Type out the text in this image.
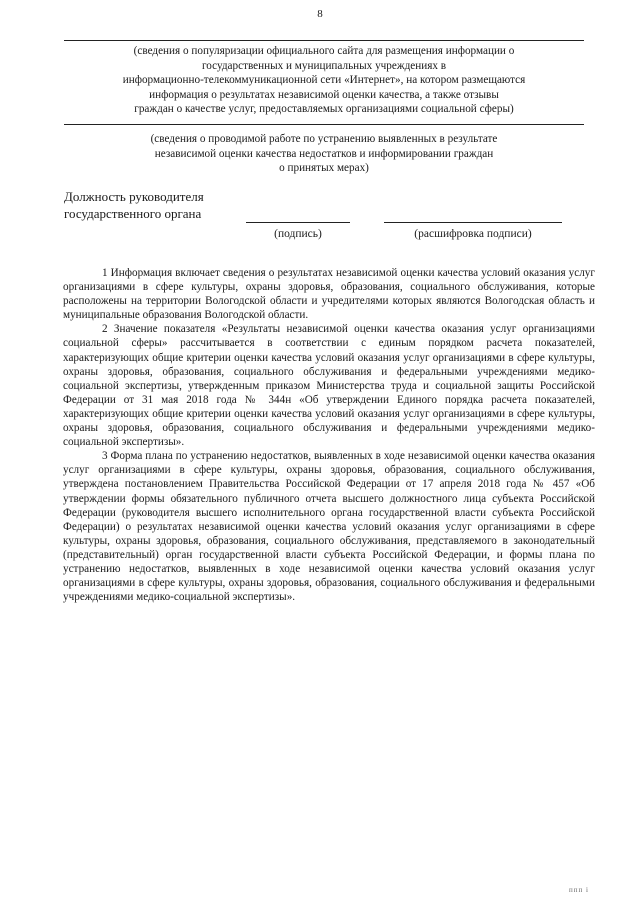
8
(сведения о популяризации официального сайта для размещения информации о
государственных и муниципальных учреждениях в
информационно-телекоммуникационной сети «Интернет», на котором размещаются
информация о результатах независимой оценки качества, а также отзывы
граждан о качестве услуг, предоставляемых организациями социальной сферы)
(сведения о проводимой работе по устранению выявленных в результате
независимой оценки качества недостатков и информировании граждан
о принятых мерах)
Должность руководителя
государственного органа
(подпись)	(расшифровка подписи)

1 Информация включает сведения о результатах независимой оценки качества условий оказания услуг организациями в сфере культуры, охраны здоровья, образования, социального обслуживания, которые расположены на территории Вологодской области и учредителями которых являются Вологодская область и муниципальные образования Вологодской области.

2 Значение показателя «Результаты независимой оценки качества оказания услуг организациями социальной сферы» рассчитывается в соответствии с единым порядком расчета показателей, характеризующих общие критерии оценки качества условий оказания услуг организациями в сфере культуры, охраны здоровья, образования, социального обслуживания и федеральными учреждениями медико-социальной экспертизы, утвержденным приказом Министерства труда и социальной защиты Российской Федерации от 31 мая 2018 года № 344н «Об утверждении Единого порядка расчета показателей, характеризующих общие критерии оценки качества условий оказания услуг организациями в сфере культуры, охраны здоровья, образования, социального обслуживания и федеральными учреждениями медико-социальной экспертизы».

3 Форма плана по устранению недостатков, выявленных в ходе независимой оценки качества оказания услуг организациями в сфере культуры, охраны здоровья, образования, социального обслуживания, утверждена постановлением Правительства Российской Федерации от 17 апреля 2018 года № 457 «Об утверждении формы обязательного публичного отчета высшего должностного лица субъекта Российской Федерации (руководителя высшего исполнительного органа государственной власти субъекта Российской Федерации) о результатах независимой оценки качества условий оказания услуг организациями в сфере культуры, охраны здоровья, образования, социального обслуживания, представляемого в законодательный (представительный) орган государственной власти субъекта Российской Федерации, и формы плана по устранению недостатков, выявленных в ходе независимой оценки качества условий оказания услуг организациями в сфере культуры, охраны здоровья, образования, социального обслуживания и федеральными учреждениями медико-социальной экспертизы».

ппп і
